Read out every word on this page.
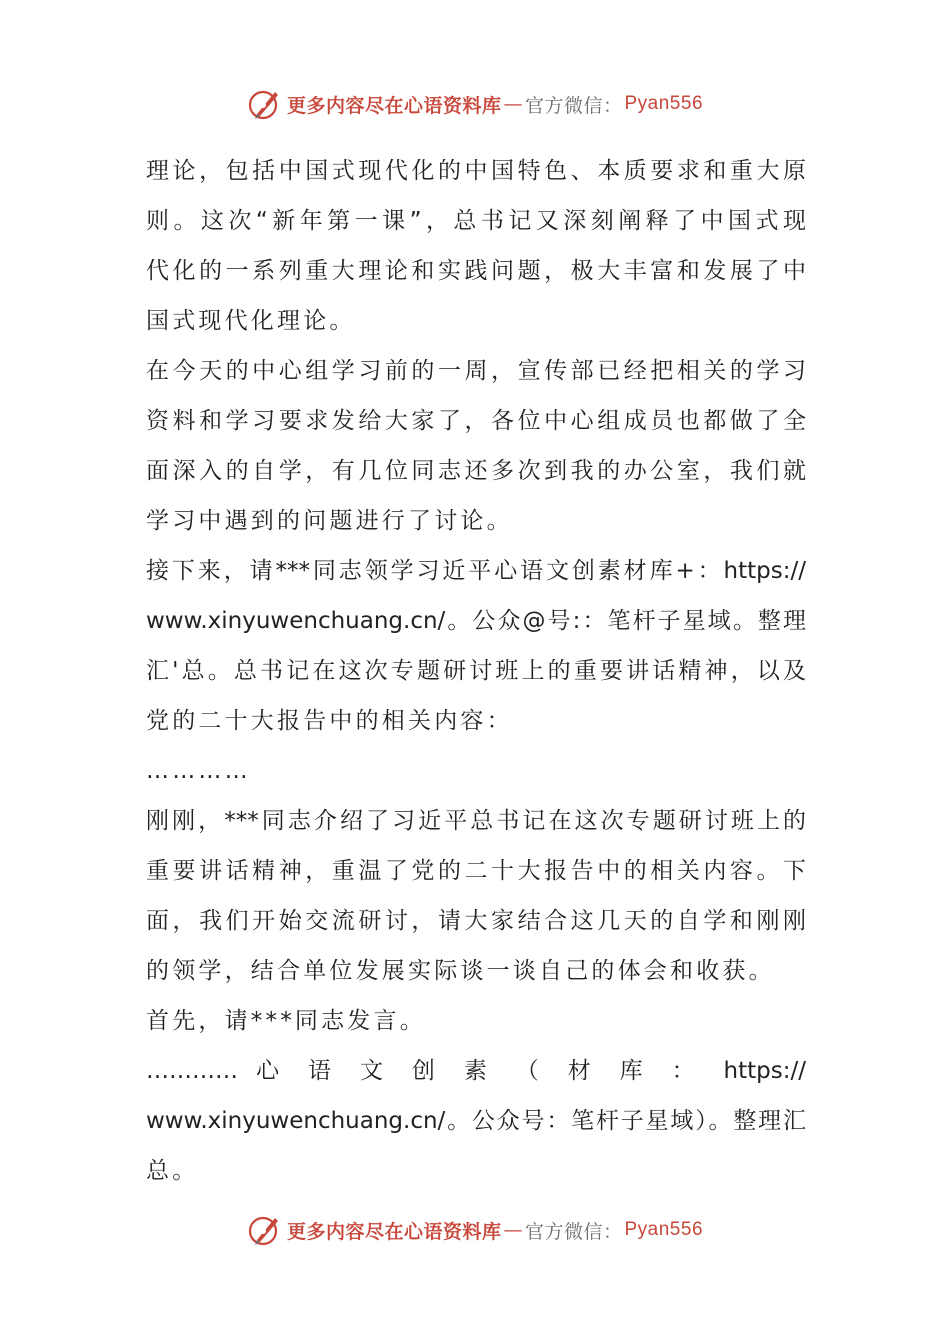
更多内容尽在心语资料库 — 官方微信： Pyan556
理论，包括中国式现代化的中国特色、本质要求和重大原
则。这次“新年第一课”，总书记又深刻阐释了中国式现
代化的一系列重大理论和实践问题，极大丰富和发展了中
国式现代化理论。
在今天的中心组学习前的一周，宣传部已经把相关的学习
资料和学习要求发给大家了，各位中心组成员也都做了全
面深入的自学，有几位同志还多次到我的办公室，我们就
学习中遇到的问题进行了讨论。
接下来，请***同志领学习近平心语文创素材库+：https://
www.xinyuwenchuang.cn/。公众@号:：笔杆子星域。整理
汇'总。总书记在这次专题研讨班上的重要讲话精神，以及
党的二十大报告中的相关内容：
…………
刚刚，***同志介绍了习近平总书记在这次专题研讨班上的
重要讲话精神，重温了党的二十大报告中的相关内容。下
面，我们开始交流研讨，请大家结合这几天的自学和刚刚
的领学，结合单位发展实际谈一谈自己的体会和收获。
首先，请***同志发言。
………… 心 语 文 创 素 （ 材 库 ： https://
www.xinyuwenchuang.cn/。公众号：笔杆子星域）。整理汇
总。
更多内容尽在心语资料库 — 官方微信： Pyan556
